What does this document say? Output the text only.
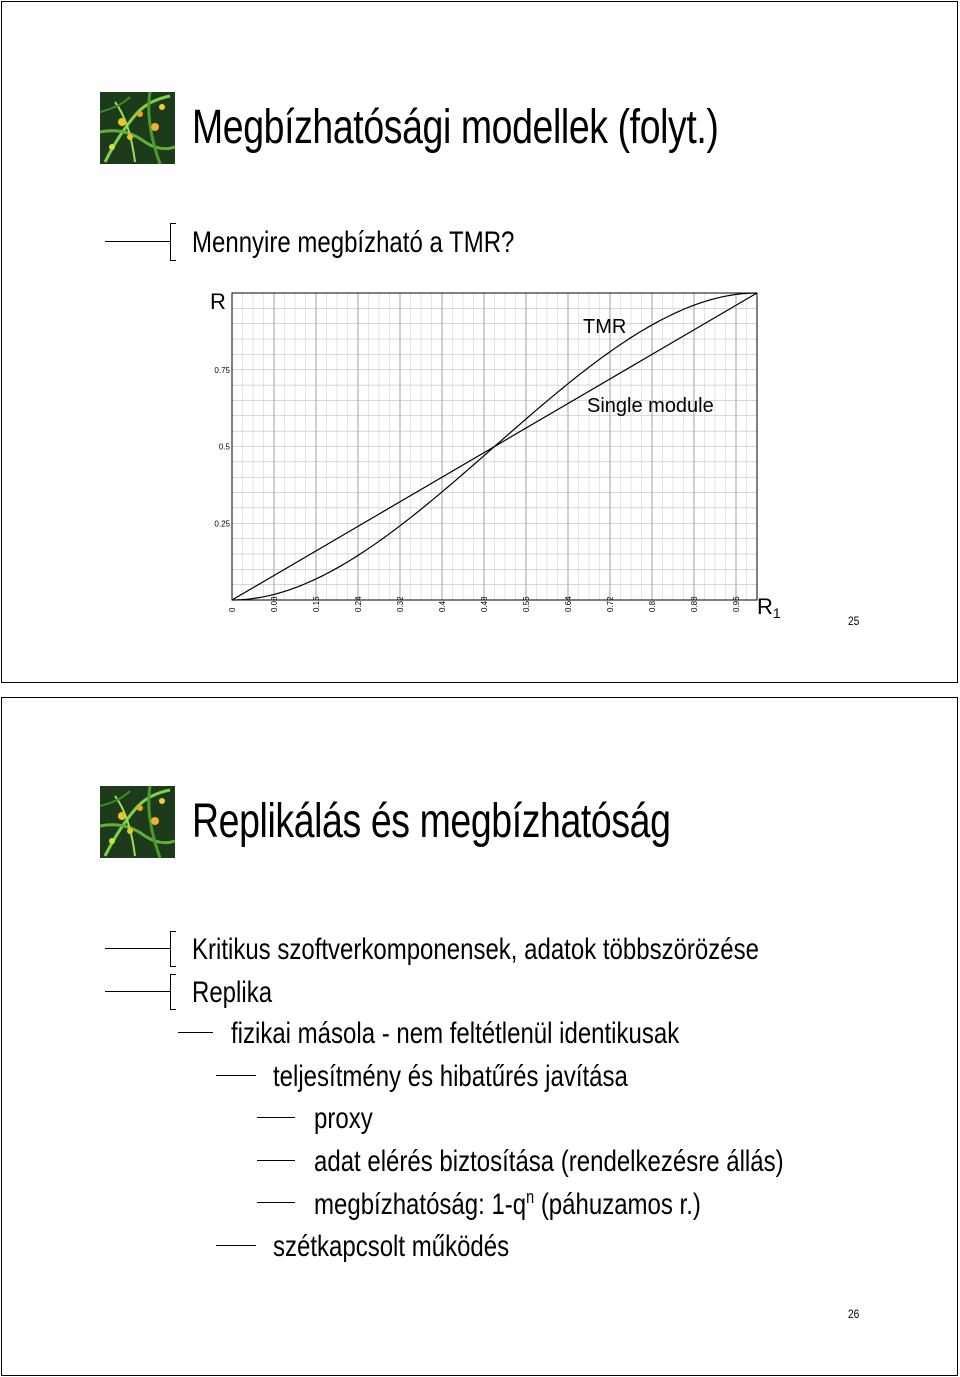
Megbízhatósági modellek (folyt.)
Mennyire megbízható a TMR?
0	0.08	0.16	0.24	0.32	0.4	0.48	0.56	0.64	0.72	0.8	0.88	0.96
0.25
0.5
0.75
R
R1
TMR
Single module
25
Replikálás és megbízhatóság
Kritikus szoftverkomponensek, adatok többszörözése
Replika
fizikai másola - nem feltétlenül identikusak
teljesítmény és hibatűrés javítása
proxy
adat elérés biztosítása (rendelkezésre állás)
megbízhatóság: $1-q^n$ (páhuzamos r.)
szétkapcsolt működés
26
